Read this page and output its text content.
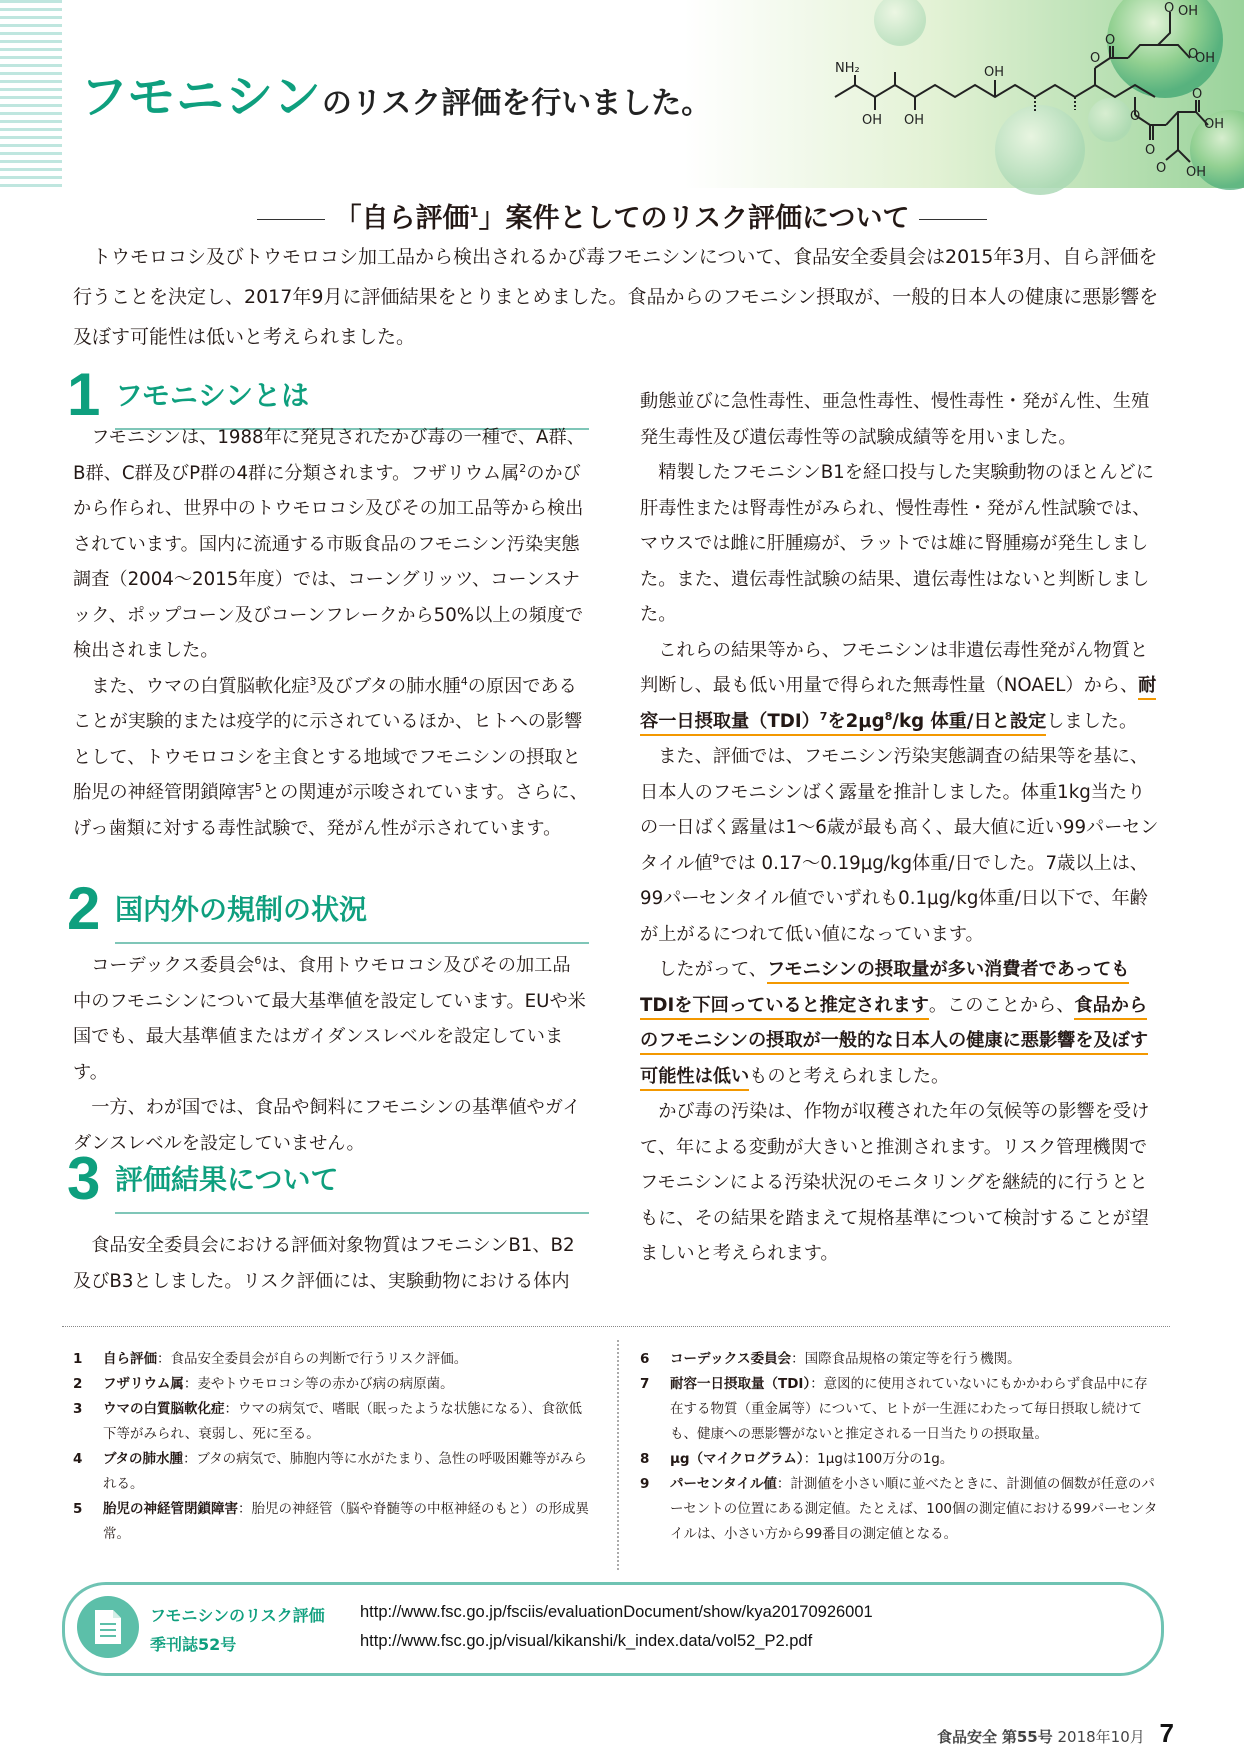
フモニシンのリスク評価を行いました。
NH₂
OH OH
OH
O
O
O
O
OH
OH
O
O
O
O
OH
OH
「自ら評価$^1$」案件としてのリスク評価について

トウモロコシ及びトウモロコシ加工品から検出されるかび毒フモニシンについて、食品安全委員会は2015年3月、自ら評価を行うことを決定し、2017年9月に評価結果をとりまとめました。食品からのフモニシン摂取が、一般的日本人の健康に悪影響を及ぼす可能性は低いと考えられました。

1 フモニシンとは

フモニシンは、1988年に発見されたかび毒の一種で、A群、B群、C群及びP群の4群に分類されます。フザリウム属$^2$のかびから作られ、世界中のトウモロコシ及びその加工品等から検出されています。国内に流通する市販食品のフモニシン汚染実態調査（2004〜2015年度）では、コーングリッツ、コーンスナック、ポップコーン及びコーンフレークから50%以上の頻度で検出されました。

また、ウマの白質脳軟化症$^3$及びブタの肺水腫$^4$の原因であることが実験的または疫学的に示されているほか、ヒトへの影響として、トウモロコシを主食とする地域でフモニシンの摂取と胎児の神経管閉鎖障害$^5$との関連が示唆されています。さらに、げっ歯類に対する毒性試験で、発がん性が示されています。

2 国内外の規制の状況

コーデックス委員会$^6$は、食用トウモロコシ及びその加工品中のフモニシンについて最大基準値を設定しています。EUや米国でも、最大基準値またはガイダンスレベルを設定しています。

一方、わが国では、食品や飼料にフモニシンの基準値やガイダンスレベルを設定していません。

3 評価結果について

食品安全委員会における評価対象物質はフモニシンB1、B2及びB3としました。リスク評価には、実験動物における体内

動態並びに急性毒性、亜急性毒性、慢性毒性・発がん性、生殖発生毒性及び遺伝毒性等の試験成績等を用いました。

精製したフモニシンB1を経口投与した実験動物のほとんどに肝毒性または腎毒性がみられ、慢性毒性・発がん性試験では、マウスでは雌に肝腫瘍が、ラットでは雄に腎腫瘍が発生しました。また、遺伝毒性試験の結果、遺伝毒性はないと判断しました。

これらの結果等から、フモニシンは非遺伝毒性発がん物質と判断し、最も低い用量で得られた無毒性量（NOAEL）から、耐容一日摂取量（TDI）$^7$を$2\mu g^8/kg$ 体重/日と設定しました。

また、評価では、フモニシン汚染実態調査の結果等を基に、日本人のフモニシンばく露量を推計しました。体重1kg当たりの一日ばく露量は1〜6歳が最も高く、最大値に近い99パーセンタイル値$^9$では 0.17〜0.19μg/kg体重/日でした。7歳以上は、99パーセンタイル値でいずれも0.1μg/kg体重/日以下で、年齢が上がるにつれて低い値になっています。

したがって、フモニシンの摂取量が多い消費者であってもTDIを下回っていると推定されます。このことから、食品からのフモニシンの摂取が一般的な日本人の健康に悪影響を及ぼす可能性は低いものと考えられました。

かび毒の汚染は、作物が収穫された年の気候等の影響を受けて、年による変動が大きいと推測されます。リスク管理機関でフモニシンによる汚染状況のモニタリングを継続的に行うとともに、その結果を踏まえて規格基準について検討することが望ましいと考えられます。

1	自ら評価：食品安全委員会が自らの判断で行うリスク評価。
2	フザリウム属：麦やトウモロコシ等の赤かび病の病原菌。
3	ウマの白質脳軟化症：ウマの病気で、嗜眠（眠ったような状態になる）、食欲低下等がみられ、衰弱し、死に至る。
4	ブタの肺水腫：ブタの病気で、肺胞内等に水がたまり、急性の呼吸困難等がみられる。
5	胎児の神経管閉鎖障害：胎児の神経管（脳や脊髄等の中枢神経のもと）の形成異常。
6	コーデックス委員会：国際食品規格の策定等を行う機関。
7	耐容一日摂取量（TDI）：意図的に使用されていないにもかかわらず食品中に存在する物質（重金属等）について、ヒトが一生涯にわたって毎日摂取し続けても、健康への悪影響がないと推定される一日当たりの摂取量。
8	μg（マイクログラム）：1μgは100万分の1g。
9	パーセンタイル値：計測値を小さい順に並べたときに、計測値の個数が任意のパーセントの位置にある測定値。たとえば、100個の測定値における99パーセンタイルは、小さい方から99番目の測定値となる。
フモニシンのリスク評価 http://www.fsc.go.jp/fsciis/evaluationDocument/show/kya20170926001
季刊誌52号	http://www.fsc.go.jp/visual/kikanshi/k_index.data/vol52_P2.pdf
食品安全 第55号 2018年10月 7
